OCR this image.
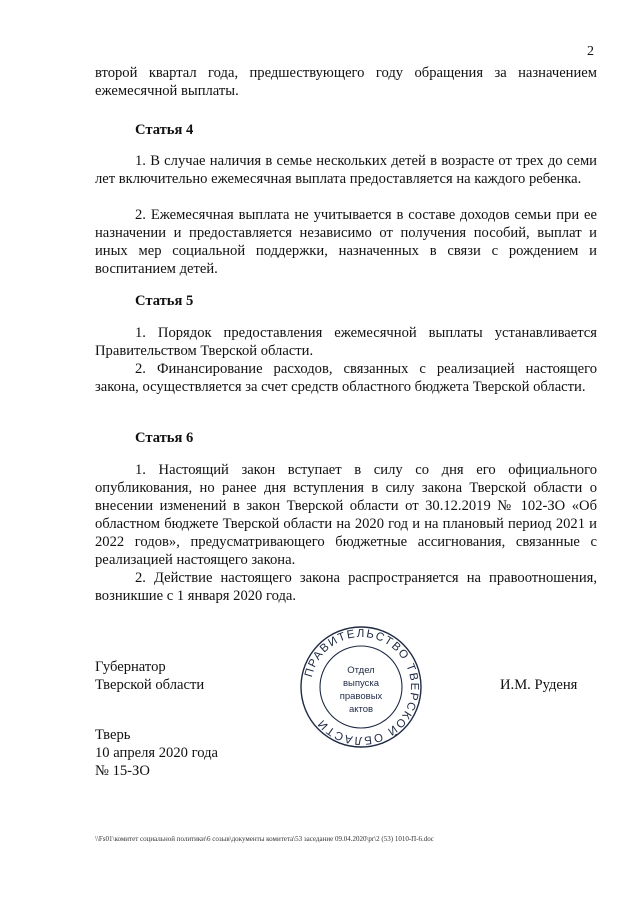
2

второй квартал года, предшествующего году обращения за назначением ежемесячной выплаты.

Статья 4

1. В случае наличия в семье нескольких детей в возрасте от трех до семи лет включительно ежемесячная выплата предоставляется на каждого ребенка.

2. Ежемесячная выплата не учитывается в составе доходов семьи при ее назначении и предоставляется независимо от получения пособий, выплат и иных мер социальной поддержки, назначенных в связи с рождением и воспитанием детей.

Статья 5

1. Порядок предоставления ежемесячной выплаты устанавливается Правительством Тверской области.

2. Финансирование расходов, связанных с реализацией настоящего закона, осуществляется за счет средств областного бюджета Тверской области.

Статья 6

1. Настоящий закон вступает в силу со дня его официального опубликования, но ранее дня вступления в силу закона Тверской области о внесении изменений в закон Тверской области от 30.12.2019 № 102-ЗО «Об областном бюджете Тверской области на 2020 год и на плановый период 2021 и 2022 годов», предусматривающего бюджетные ассигнования, связанные с реализацией настоящего закона.

2. Действие настоящего закона распространяется на правоотношения, возникшие с 1 января 2020 года.

Губернатор

Тверской области	И.М. Руденя

ПРАВИТЕЛЬСТВО ТВЕРСКОЙ ОБЛАСТИ
Отдел
выпуска
правовых
актов

Тверь

10 апреля 2020 года

№ 15-ЗО

\\Fs01\комитет социальной политики\6 созыв\документы комитета\53 заседание 09.04.2020\pr\2 (53) 1010-П-6.doc
